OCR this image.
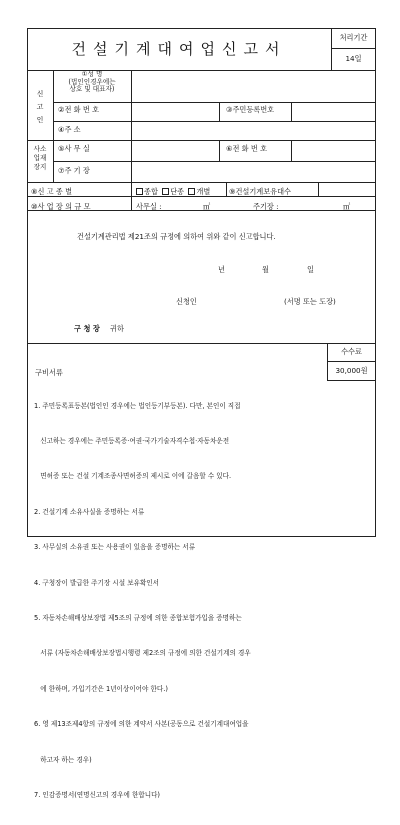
건설기계대여업신고서
처리기간
14일
신고인
①성 명
(법인인경우에는
상호 및 대표자)
②전 화 번 호	③주민등록번호
④주 소
사소
업재
장지
⑤사 무 실	⑥전 화 번 호
⑦주 기 장
⑧신 고 종 별	종합 단종 개별	⑨건설기계보유대수
⑩사 업 장 의 규 모	사무실 :	㎡	주기장 :	㎡
건설기계관리법 제21조의 규정에 의하여 위와 같이 신고합니다.
년	월	일
신청인	(서명 또는 도장)
구 청 장 귀하
수수료
30,000원
구비서류

1. 주민등록표등본(법인인 경우에는 법인등기부등본). 다만, 본인이 직접

신고하는 경우에는 주민등록증·여권·국가기술자격수첩·자동차운전

면허증 또는 건설 기계조종사면허증의 제시로 이에 갈음할 수 있다.

2. 건설기계 소유사실을 증명하는 서류

3. 사무실의 소유권 또는 사용권이 있음을 증명하는 서류

4. 구청장이 발급한 주기장 시설 보유확인서

5. 자동차손해배상보장법 제5조의 규정에 의한 종합보험가입을 증명하는

서류 (자동차손해배상보장법시행령 제2조의 규정에 의한 건설기계의 경우

에 한하며, 가입기간은 1년이상이어야 한다.)

6. 영 제13조제4항의 규정에 의한 계약서 사본(공동으로 건설기계대여업을

하고자 하는 경우)

7. 인감증명서(연명신고의 경우에 한합니다)
